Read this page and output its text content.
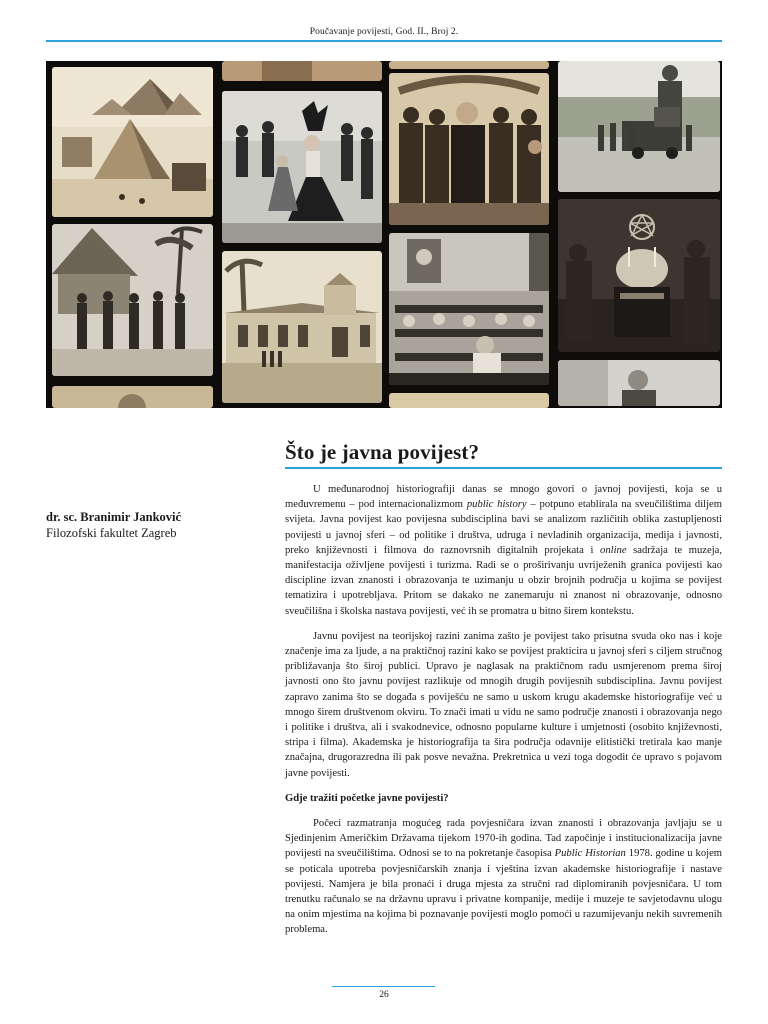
Poučavanje povijesti, God. II., Broj 2.
Što je javna povijest?
dr. sc. Branimir Janković
Filozofski fakultet Zagreb

U međunarodnoj historiografiji danas se mnogo govori o javnoj povijesti, koja se u međuvremenu – pod internacionalizmom public history – potpuno etablirala na sveučilištima diljem svijeta. Javna povijest kao povijesna subdisciplina bavi se analizom različitih oblika zastupljenosti povijesti u javnoj sferi – od politike i društva, udruga i nevladinih organizacija, medija i javnosti, preko književnosti i filmova do raznovrsnih digitalnih projekata i online sadržaja te muzeja, manifestacija oživljene povijesti i turizma. Radi se o proširivanju uvriježenih granica povijesti kao discipline izvan znanosti i obrazovanja te uzimanju u obzir brojnih područja u kojima se povijest tematizira i upotrebljava. Pritom se dakako ne zanemaruju ni znanost ni obrazovanje, odnosno sveučilišna i školska nastava povijesti, već ih se promatra u bitno širem kontekstu.

Javnu povijest na teorijskoj razini zanima zašto je povijest tako prisutna svuda oko nas i koje značenje ima za ljude, a na praktičnoj razini kako se povijest prakticira u javnoj sferi s ciljem stručnog približavanja što široj publici. Upravo je naglasak na praktičnom radu usmjerenom prema široj javnosti ono što javnu povijest razlikuje od mnogih drugih povijesnih subdisciplina. Javnu povijest zapravo zanima što se događa s poviješću ne samo u uskom krugu akademske historiografije već u mnogo širem društvenom okviru. To znači imati u vidu ne samo područje znanosti i obrazovanja nego i politike i društva, ali i svakodnevice, odnosno popularne kulture i umjetnosti (osobito književnosti, stripa i filma). Akademska je historiografija ta šira područja odavnije elitistički tretirala kao manje značajna, drugorazredna ili pak posve nevažna. Prekretnica u vezi toga dogodit će upravo s pojavom javne povijesti.

Gdje tražiti početke javne povijesti?

Počeci razmatranja mogućeg rada povjesničara izvan znanosti i obrazovanja javljaju se u Sjedinjenim Američkim Državama tijekom 1970-ih godina. Tad započinje i institucionalizacija javne povijesti na sveučilištima. Odnosi se to na pokretanje časopisa Public Historian 1978. godine u kojem se poticala upotreba povjesničarskih znanja i vještina izvan akademske historiografije i nastave povijesti. Namjera je bila pronaći i druga mjesta za stručni rad diplomiranih povjesničara. U tom trenutku računalo se na državnu upravu i privatne kompanije, medije i muzeje te savjetodavnu ulogu na onim mjestima na kojima bi poznavanje povijesti moglo pomoći u razumijevanju nekih suvremenih problema.

26
